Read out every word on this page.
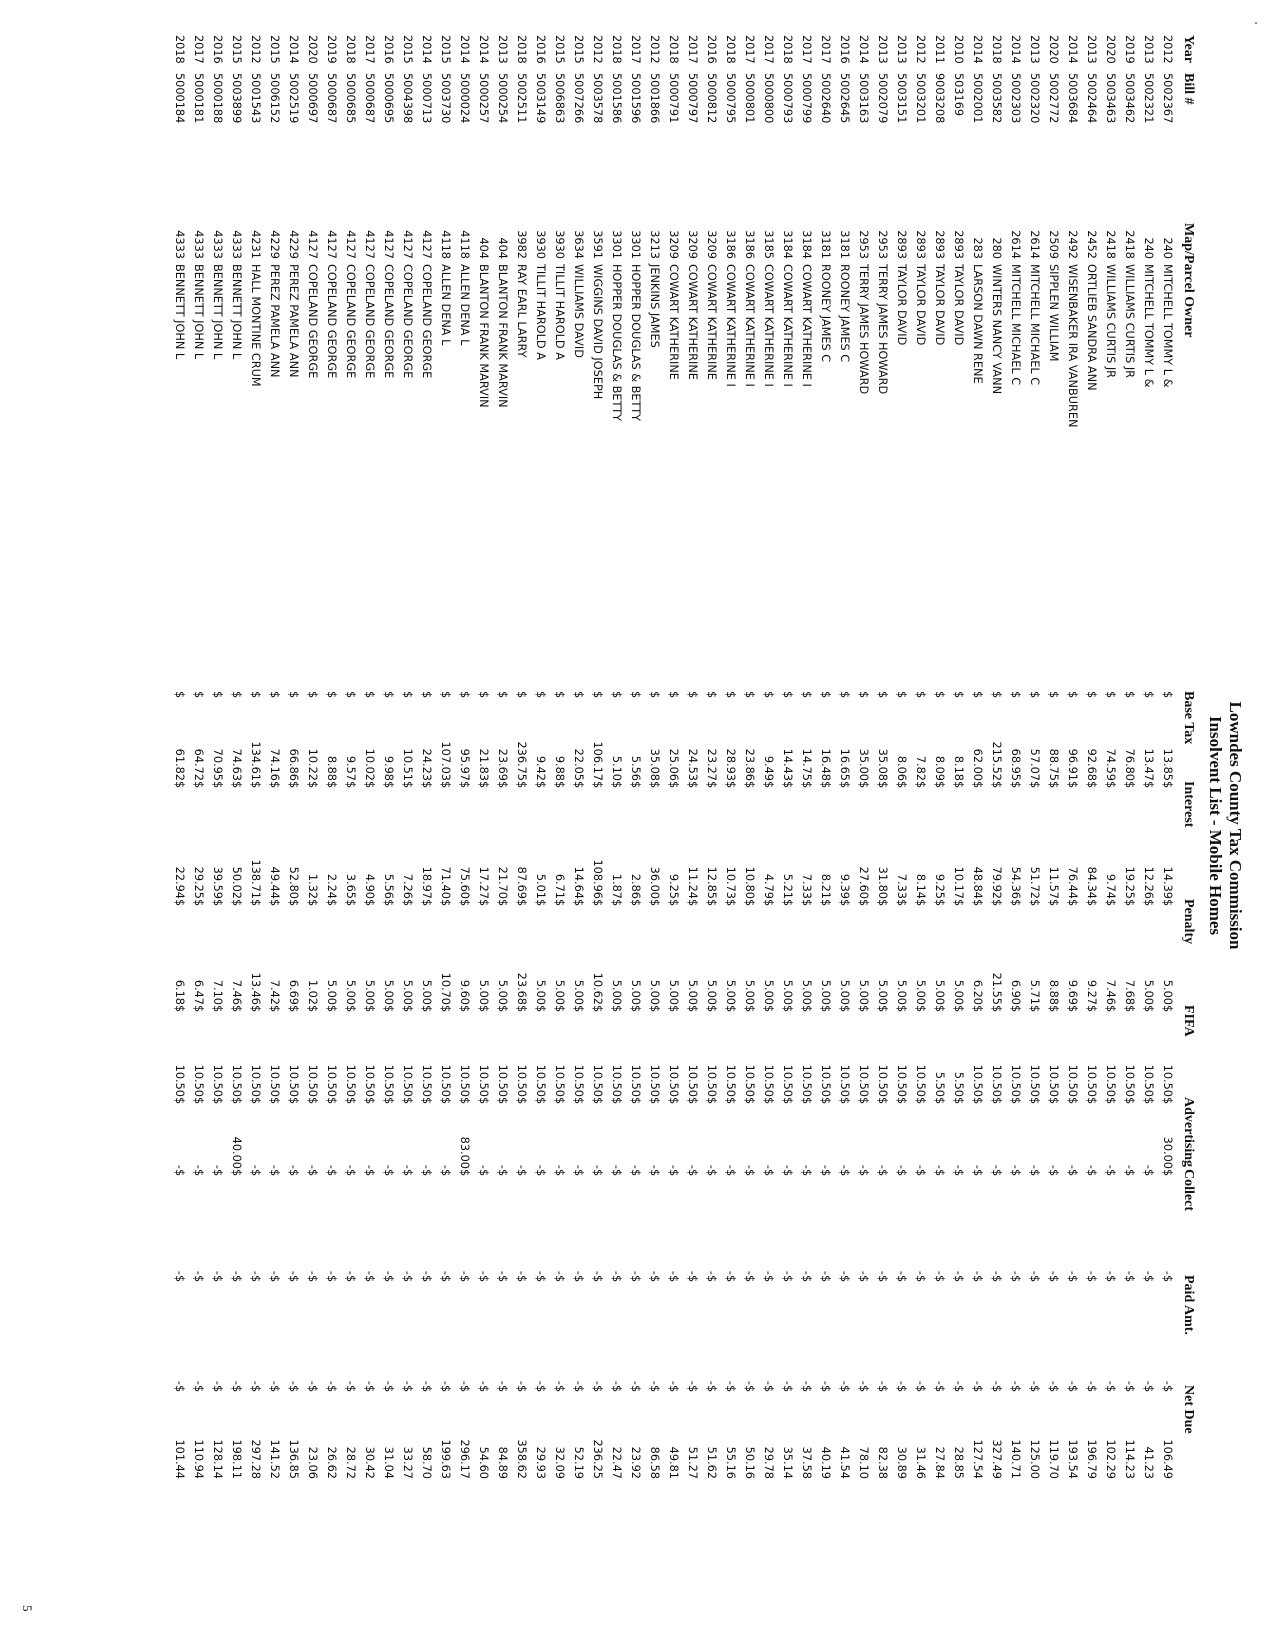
Lowndes County Tax Commission
Insolvent List - Mobile Homes
Year	Bill #	Map/Parcel Owner	Base Tax		Interest		Penalty		FIFA		Advertising		Collect		Paid Amt.		Net Due	
2012	5002367	240MITCHELL TOMMY L &	$	13.85	$	14.39	$	5.00	$	10.50	$	30.00	$	-	$	-	$	106.49
2013	5002321	240MITCHELL TOMMY L &	$	13.47	$	12.26	$	5.00	$	10.50	$	-	$	-	$	-	$	41.23
2019	5003462	2418WILLIAMS CURTIS JR	$	76.80	$	19.25	$	7.68	$	10.50	$	-	$	-	$	-	$	114.23
2020	5003463	2418WILLIAMS CURTIS JR	$	74.59	$	9.74	$	7.46	$	10.50	$	-	$	-	$	-	$	102.29
2013	5002464	2452ORTLIEB SANDRA ANN	$	92.68	$	84.34	$	9.27	$	10.50	$	-	$	-	$	-	$	196.79
2014	5003684	2492WISENBAKER IRA VANBUREN	$	96.91	$	76.44	$	9.69	$	10.50	$	-	$	-	$	-	$	193.54
2020	5002772	2509SIPPLEN WILLIAM	$	88.75	$	11.57	$	8.88	$	10.50	$	-	$	-	$	-	$	119.70
2013	5002320	2614MITCHELL MICHAEL C	$	57.07	$	51.72	$	5.71	$	10.50	$	-	$	-	$	-	$	125.00
2014	5002303	2614MITCHELL MICHAEL C	$	68.95	$	54.36	$	6.90	$	10.50	$	-	$	-	$	-	$	140.71
2018	5003582	280WINTERS NANCY VANN	$	215.52	$	79.92	$	21.55	$	10.50	$	-	$	-	$	-	$	327.49
2014	5002001	283LARSON DAWN RENE	$	62.00	$	48.84	$	6.20	$	10.50	$	-	$	-	$	-	$	127.54
2010	503169	2893TAYLOR DAVID	$	8.18	$	10.17	$	5.00	$	5.50	$	-	$	-	$	-	$	28.85
2011	9003208	2893TAYLOR DAVID	$	8.09	$	9.25	$	5.00	$	5.50	$	-	$	-	$	-	$	27.84
2012	5003201	2893TAYLOR DAVID	$	7.82	$	8.14	$	5.00	$	10.50	$	-	$	-	$	-	$	31.46
2013	5003151	2893TAYLOR DAVID	$	8.06	$	7.33	$	5.00	$	10.50	$	-	$	-	$	-	$	30.89
2013	5002079	2953TERRY JAMES HOWARD	$	35.08	$	31.80	$	5.00	$	10.50	$	-	$	-	$	-	$	82.38
2014	5003163	2953TERRY JAMES HOWARD	$	35.00	$	27.60	$	5.00	$	10.50	$	-	$	-	$	-	$	78.10
2016	5002645	3181ROONEY JAMES C	$	16.65	$	9.39	$	5.00	$	10.50	$	-	$	-	$	-	$	41.54
2017	5002640	3181ROONEY JAMES C	$	16.48	$	8.21	$	5.00	$	10.50	$	-	$	-	$	-	$	40.19
2017	5000799	3184COWART KATHERINE I	$	14.75	$	7.33	$	5.00	$	10.50	$	-	$	-	$	-	$	37.58
2018	5000793	3184COWART KATHERINE I	$	14.43	$	5.21	$	5.00	$	10.50	$	-	$	-	$	-	$	35.14
2017	5000800	3185COWART KATHERINE I	$	9.49	$	4.79	$	5.00	$	10.50	$	-	$	-	$	-	$	29.78
2017	5000801	3186COWART KATHERINE I	$	23.86	$	10.80	$	5.00	$	10.50	$	-	$	-	$	-	$	50.16
2018	5000795	3186COWART KATHERINE I	$	28.93	$	10.73	$	5.00	$	10.50	$	-	$	-	$	-	$	55.16
2016	5000812	3209COWART KATHERINE	$	23.27	$	12.85	$	5.00	$	10.50	$	-	$	-	$	-	$	51.62
2017	5000797	3209COWART KATHERINE	$	24.53	$	11.24	$	5.00	$	10.50	$	-	$	-	$	-	$	51.27
2018	5000791	3209COWART KATHERINE	$	25.06	$	9.25	$	5.00	$	10.50	$	-	$	-	$	-	$	49.81
2012	5001866	3213JENKINS JAMES	$	35.08	$	36.00	$	5.00	$	10.50	$	-	$	-	$	-	$	86.58
2017	5001596	3301HOPPER DOUGLAS & BETTY	$	5.56	$	2.86	$	5.00	$	10.50	$	-	$	-	$	-	$	23.92
2018	5001586	3301HOPPER DOUGLAS & BETTY	$	5.10	$	1.87	$	5.00	$	10.50	$	-	$	-	$	-	$	22.47
2012	5003578	3591WIGGINS DAVID JOSEPH	$	106.17	$	108.96	$	10.62	$	10.50	$	-	$	-	$	-	$	236.25
2015	5007266	3634WILLIAMS DAVID	$	22.05	$	14.64	$	5.00	$	10.50	$	-	$	-	$	-	$	52.19
2015	5006863	3930TILLIT HAROLD A	$	9.88	$	6.71	$	5.00	$	10.50	$	-	$	-	$	-	$	32.09
2016	5003149	3930TILLIT HAROLD A	$	9.42	$	5.01	$	5.00	$	10.50	$	-	$	-	$	-	$	29.93
2018	5002511	3982RAY EARL LARRY	$	236.75	$	87.69	$	23.68	$	10.50	$	-	$	-	$	-	$	358.62
2013	5000254	404BLANTON FRANK MARVIN	$	23.69	$	21.70	$	5.00	$	10.50	$	-	$	-	$	-	$	84.89
2014	5000257	404BLANTON FRANK MARVIN	$	21.83	$	17.27	$	5.00	$	10.50	$	-	$	-	$	-	$	54.60
2014	5000024	4118ALLEN DENA L	$	95.97	$	75.60	$	9.60	$	10.50	$	83.00	$	-	$	-	$	296.17
2015	5003730	4118ALLEN DENA L	$	107.03	$	71.40	$	10.70	$	10.50	$	-	$	-	$	-	$	199.63
2014	5000713	4127COPELAND GEORGE	$	24.23	$	18.97	$	5.00	$	10.50	$	-	$	-	$	-	$	58.70
2015	5004398	4127COPELAND GEORGE	$	10.51	$	7.26	$	5.00	$	10.50	$	-	$	-	$	-	$	33.27
2016	5000695	4127COPELAND GEORGE	$	9.98	$	5.56	$	5.00	$	10.50	$	-	$	-	$	-	$	31.04
2017	5000687	4127COPELAND GEORGE	$	10.02	$	4.90	$	5.00	$	10.50	$	-	$	-	$	-	$	30.42
2018	5000685	4127COPELAND GEORGE	$	9.57	$	3.65	$	5.00	$	10.50	$	-	$	-	$	-	$	28.72
2019	5000687	4127COPELAND GEORGE	$	8.88	$	2.24	$	5.00	$	10.50	$	-	$	-	$	-	$	26.62
2020	5000697	4127COPELAND GEORGE	$	10.22	$	1.32	$	1.02	$	10.50	$	-	$	-	$	-	$	23.06
2014	5002519	4229PEREZ PAMELA ANN	$	66.86	$	52.80	$	6.69	$	10.50	$	-	$	-	$	-	$	136.85
2015	5006152	4229PEREZ PAMELA ANN	$	74.16	$	49.44	$	7.42	$	10.50	$	-	$	-	$	-	$	141.52
2012	5001543	4231HALL MONTINE CRUM	$	134.61	$	138.71	$	13.46	$	10.50	$	-	$	-	$	-	$	297.28
2015	5003899	4333BENNETT JOHN L	$	74.63	$	50.02	$	7.46	$	10.50	$	40.00	$	-	$	-	$	198.11
2016	5000188	4333BENNETT JOHN L	$	70.95	$	39.59	$	7.10	$	10.50	$	-	$	-	$	-	$	128.14
2017	5000181	4333BENNETT JOHN L	$	64.72	$	29.25	$	6.47	$	10.50	$	-	$	-	$	-	$	110.94
2018	5000184	4333BENNETT JOHN L	$	61.82	$	22.94	$	6.18	$	10.50	$	-	$	-	$	-	$	101.44
5
